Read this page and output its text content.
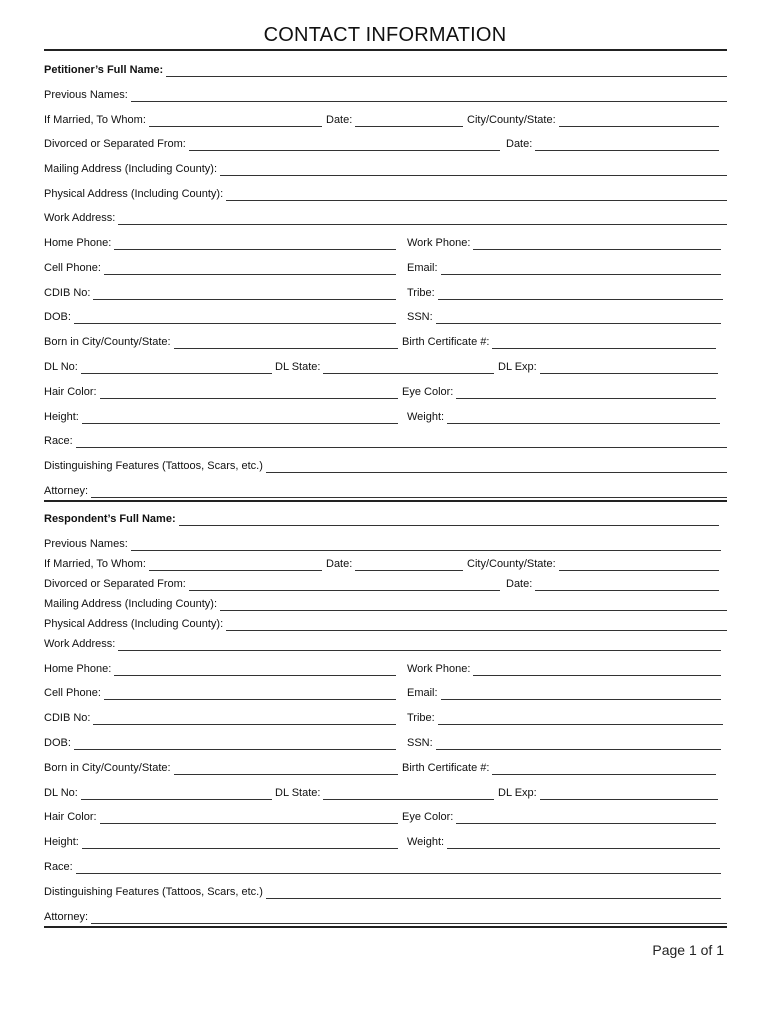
CONTACT INFORMATION
Petitioner’s Full Name:
Previous Names:
If Married, To Whom:	Date:	City/County/State:
Divorced or Separated From:	Date:
Mailing Address (Including County):
Physical Address (Including County):
Work Address:
Home Phone:	Work Phone:
Cell Phone:	Email:
CDIB No:	Tribe:
DOB:	SSN:
Born in City/County/State:	Birth Certificate #:
DL No:	DL State:	DL Exp:
Hair Color:	Eye Color:
Height:	Weight:
Race:
Distinguishing Features (Tattoos, Scars, etc.)
Attorney:
Respondent’s Full Name:
Previous Names:
If Married, To Whom:	Date:	City/County/State:
Divorced or Separated From:	Date:
Mailing Address (Including County):
Physical Address (Including County):
Work Address:
Home Phone:	Work Phone:
Cell Phone:	Email:
CDIB No:	Tribe:
DOB:	SSN:
Born in City/County/State:	Birth Certificate #:
DL No:	DL State:	DL Exp:
Hair Color:	Eye Color:
Height:	Weight:
Race:
Distinguishing Features (Tattoos, Scars, etc.)
Attorney:
Page 1 of 1
